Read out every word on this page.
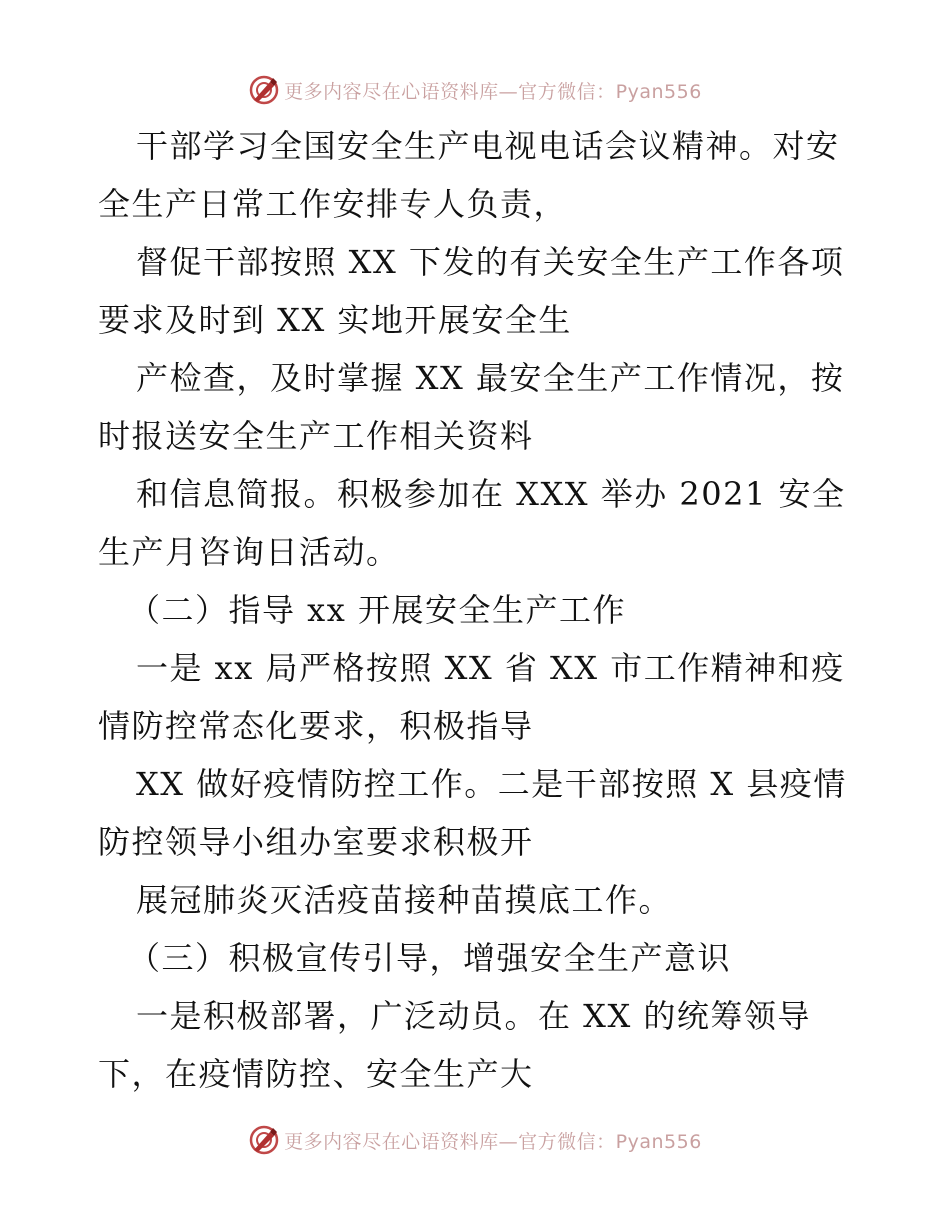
更多内容尽在心语资料库—官方微信：Pyan556
干部学习全国安全生产电视电话会议精神。对安
全生产日常工作安排专人负责，
督促干部按照 XX 下发的有关安全生产工作各项
要求及时到 XX 实地开展安全生
产检查，及时掌握 XX 最安全生产工作情况，按
时报送安全生产工作相关资料
和信息简报。积极参加在 XXX 举办 2021 安全
生产月咨询日活动。
（二）指导 xx 开展安全生产工作
一是 xx 局严格按照 XX 省 XX 市工作精神和疫
情防控常态化要求，积极指导
XX 做好疫情防控工作。二是干部按照 X 县疫情
防控领导小组办室要求积极开
展冠肺炎灭活疫苗接种苗摸底工作。
（三）积极宣传引导，增强安全生产意识
一是积极部署，广泛动员。在 XX 的统筹领导
下，在疫情防控、安全生产大
更多内容尽在心语资料库—官方微信：Pyan556
